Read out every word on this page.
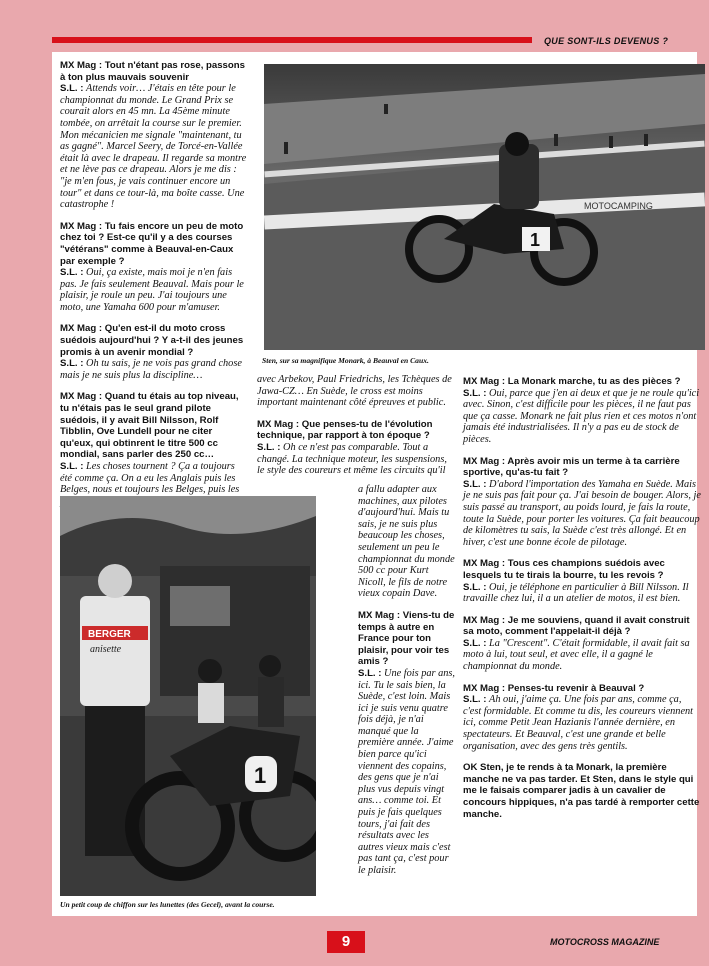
QUE SONT-ILS DEVENUS ?

MX Mag : Tout n'étant pas rose, passons à ton plus mauvais souvenir
S.L. : Attends voir… J'étais en tête pour le championnat du monde. Le Grand Prix se courait alors en 45 mn. La 45ème minute tombée, on arrêtait la course sur le premier. Mon mécanicien me signale "maintenant, tu as gagné". Marcel Seery, de Torcé-en-Vallée était là avec le drapeau. Il regarde sa montre et ne lève pas ce drapeau. Alors je me dis : "je m'en fous, je vais continuer encore un tour" et dans ce tour-là, ma boîte casse. Une catastrophe !

MX Mag : Tu fais encore un peu de moto chez toi ? Est-ce qu'il y a des courses "vétérans" comme à Beauval-en-Caux par exemple ?
S.L. : Oui, ça existe, mais moi je n'en fais pas. Je fais seulement Beauval. Mais pour le plaisir, je roule un peu. J'ai toujours une moto, une Yamaha 600 pour m'amuser.

MX Mag : Qu'en est-il du moto cross suédois aujourd'hui ? Y a-t-il des jeunes promis à un avenir mondial ?
S.L. : Oh tu sais, je ne vois pas grand chose mais je ne suis plus la discipline…

MX Mag : Quand tu étais au top niveau, tu n'étais pas le seul grand pilote suédois, il y avait Bill Nilsson, Rolf Tibblin, Ove Lundell pour ne citer qu'eux, qui obtinrent le titre 500 cc mondial, sans parler des 250 cc…
S.L. : Les choses tournent ? Ça a toujours été comme ça. On a eu les Anglais puis les Belges, nous et toujours les Belges, puis les

MOTOCAMPING
1
Sten, sur sa magnifique Monark, à Beauval en Caux.

avec Arbekov, Paul Friedrichs, les Tchèques de Jawa-CZ… En Suède, le cross est moins important maintenant côté épreuves et public.

MX Mag : Que penses-tu de l'évolution technique, par rapport à ton époque ?
S.L. : Oh ce n'est pas comparable. Tout a changé. La technique moteur, les suspensions, le style des coureurs et même les circuits qu'il

BERGER
anisette
1
Un petit coup de chiffon sur les lunettes (des Gecel), avant la course.

a fallu adapter aux machines, aux pilotes d'aujourd'hui. Mais tu sais, je ne suis plus beaucoup les choses, seulement un peu le championnat du monde 500 cc pour Kurt Nicoll, le fils de notre vieux copain Dave.

MX Mag : Viens-tu de temps à autre en France pour ton plaisir, pour voir tes amis ?
S.L. : Une fois par ans, ici. Tu le sais bien, la Suède, c'est loin. Mais ici je suis venu quatre fois déjà, je n'ai manqué que la première année. J'aime bien parce qu'ici viennent des copains, des gens que je n'ai plus vus depuis vingt ans… comme toi. Et puis je fais quelques tours, j'ai fait des résultats avec les autres vieux mais c'est pas tant ça, c'est pour le plaisir.

MX Mag : La Monark marche, tu as des pièces ?
S.L. : Oui, parce que j'en ai deux et que je ne roule qu'ici avec. Sinon, c'est difficile pour les pièces, il ne faut pas que ça casse. Monark ne fait plus rien et ces motos n'ont jamais été industrialisées. Il n'y a pas eu de stock de pièces.

MX Mag : Après avoir mis un terme à ta carrière sportive, qu'as-tu fait ?
S.L. : D'abord l'importation des Yamaha en Suède. Mais je ne suis pas fait pour ça. J'ai besoin de bouger. Alors, je suis passé au transport, au poids lourd, je fais la route, toute la Suède, pour porter les voitures. Ça fait beaucoup de kilomètres tu sais, la Suède c'est très allongé. Et en hiver, c'est une bonne école de pilotage.

MX Mag : Tous ces champions suédois avec lesquels tu te tirais la bourre, tu les revois ?
S.L. : Oui, je téléphone en particulier à Bill Nilsson. Il travaille chez lui, il a un atelier de motos, il est bien.

MX Mag : Je me souviens, quand il avait construit sa moto, comment l'appelait-il déjà ?
S.L. : La "Crescent". C'était formidable, il avait fait sa moto à lui, tout seul, et avec elle, il a gagné le championnat du monde.

MX Mag : Penses-tu revenir à Beauval ?
S.L. : Ah oui, j'aime ça. Une fois par ans, comme ça, c'est formidable. Et comme tu dis, les coureurs viennent ici, comme Petit Jean Hazianis l'année dernière, en spectateurs. Et Beauval, c'est une grande et belle organisation, avec des gens très gentils.

OK Sten, je te rends à ta Monark, la première manche ne va pas tarder. Et Sten, dans le style qui me le faisais comparer jadis à un cavalier de concours hippiques, n'a pas tardé à remporter cette manche.

9	MOTOCROSS MAGAZINE
